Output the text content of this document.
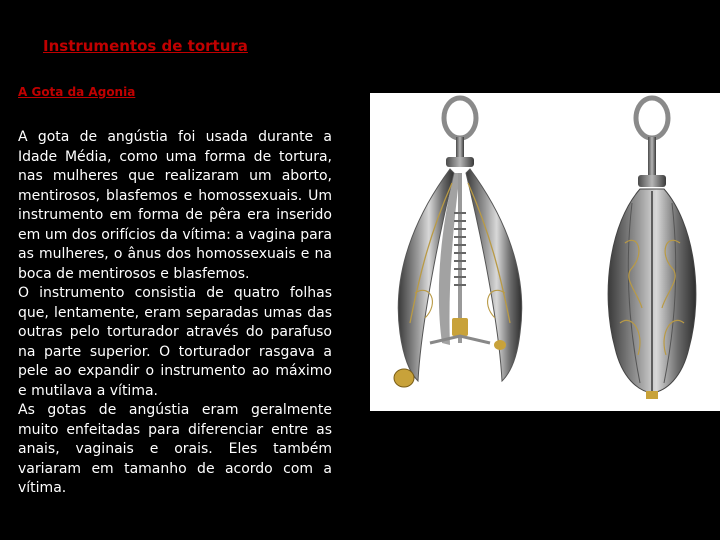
Instrumentos de tortura
A Gota da Agonia

A gota de angústia foi usada durante a Idade Média, como uma forma de tortura, nas mulheres que realizaram um aborto, mentirosos, blasfemos e homossexuais. Um instrumento em forma de pêra era inserido em um dos orifícios da vítima: a vagina para as mulheres, o ânus dos homossexuais e na boca de mentirosos e blasfemos.

O instrumento consistia de quatro folhas que, lentamente, eram separadas umas das outras pelo torturador através do parafuso na parte superior. O torturador rasgava a pele ao expandir o instrumento ao máximo e mutilava a vítima.

As gotas de angústia eram geralmente muito enfeitadas para diferenciar entre as anais, vaginais e orais. Eles também variaram em tamanho de acordo com a vítima.
